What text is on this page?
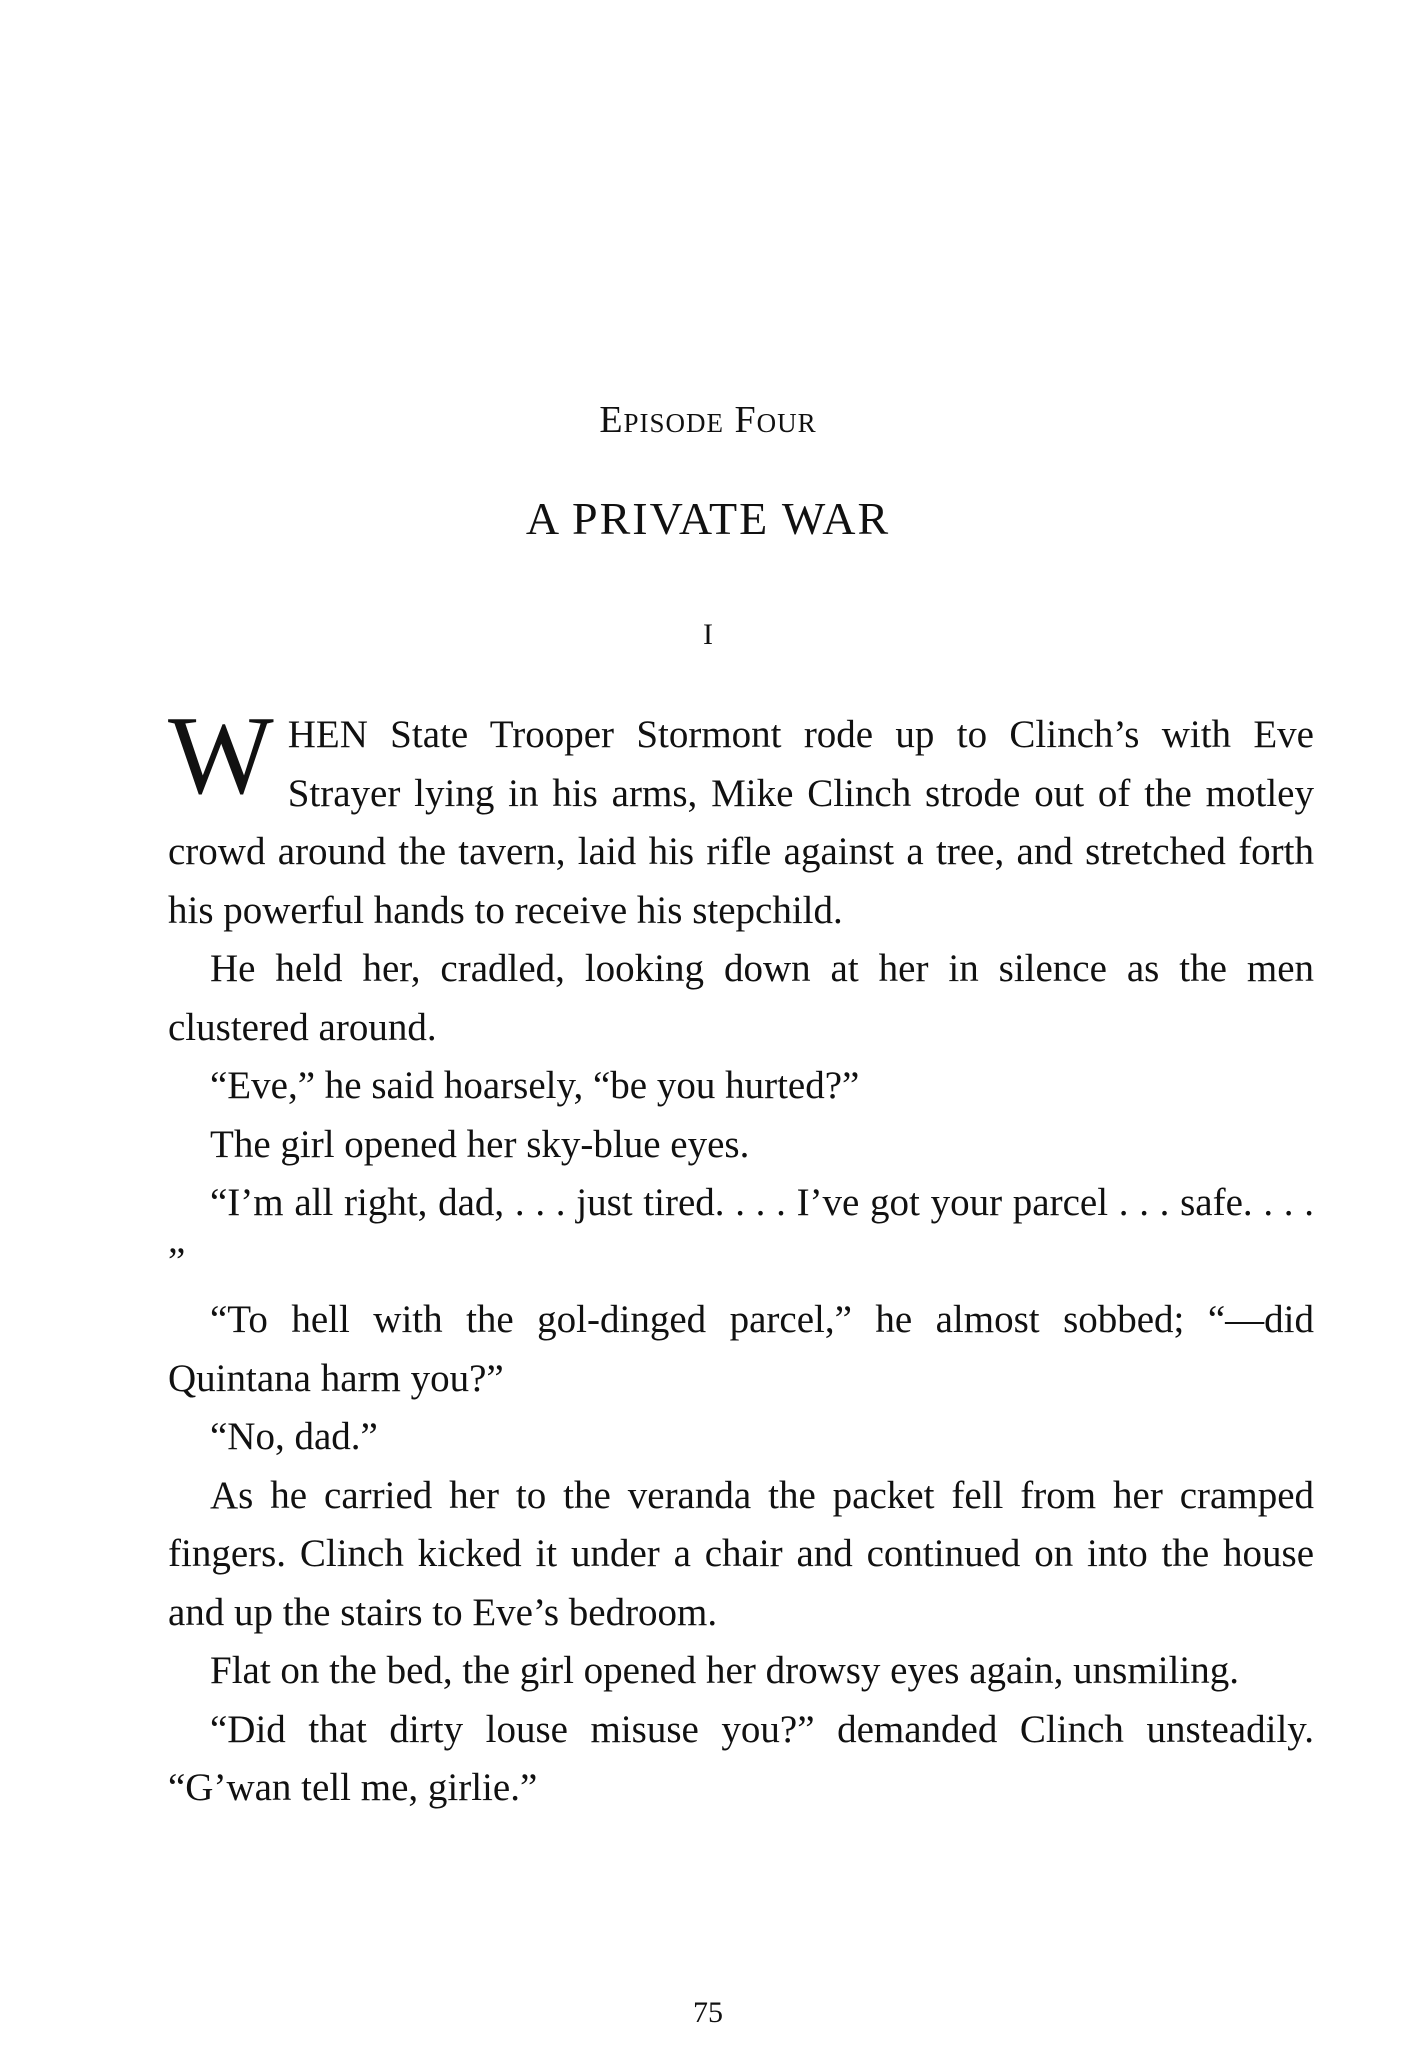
Episode Four
A PRIVATE WAR
I

WHEN State Trooper Stormont rode up to Clinch’s with Eve Strayer lying in his arms, Mike Clinch strode out of the motley crowd around the tavern, laid his rifle against a tree, and stretched forth his powerful hands to receive his stepchild.

He held her, cradled, looking down at her in silence as the men clustered around.

“Eve,” he said hoarsely, “be you hurted?”

The girl opened her sky-blue eyes.

“I’m all right, dad, . . . just tired. . . . I’ve got your parcel . . . safe. . . . ”

“To hell with the gol-dinged parcel,” he almost sobbed; “—did Quintana harm you?”

“No, dad.”

As he carried her to the veranda the packet fell from her cramped fingers. Clinch kicked it under a chair and continued on into the house and up the stairs to Eve’s bedroom.

Flat on the bed, the girl opened her drowsy eyes again, unsmiling.

“Did that dirty louse misuse you?” demanded Clinch unsteadily. “G’wan tell me, girlie.”

75
